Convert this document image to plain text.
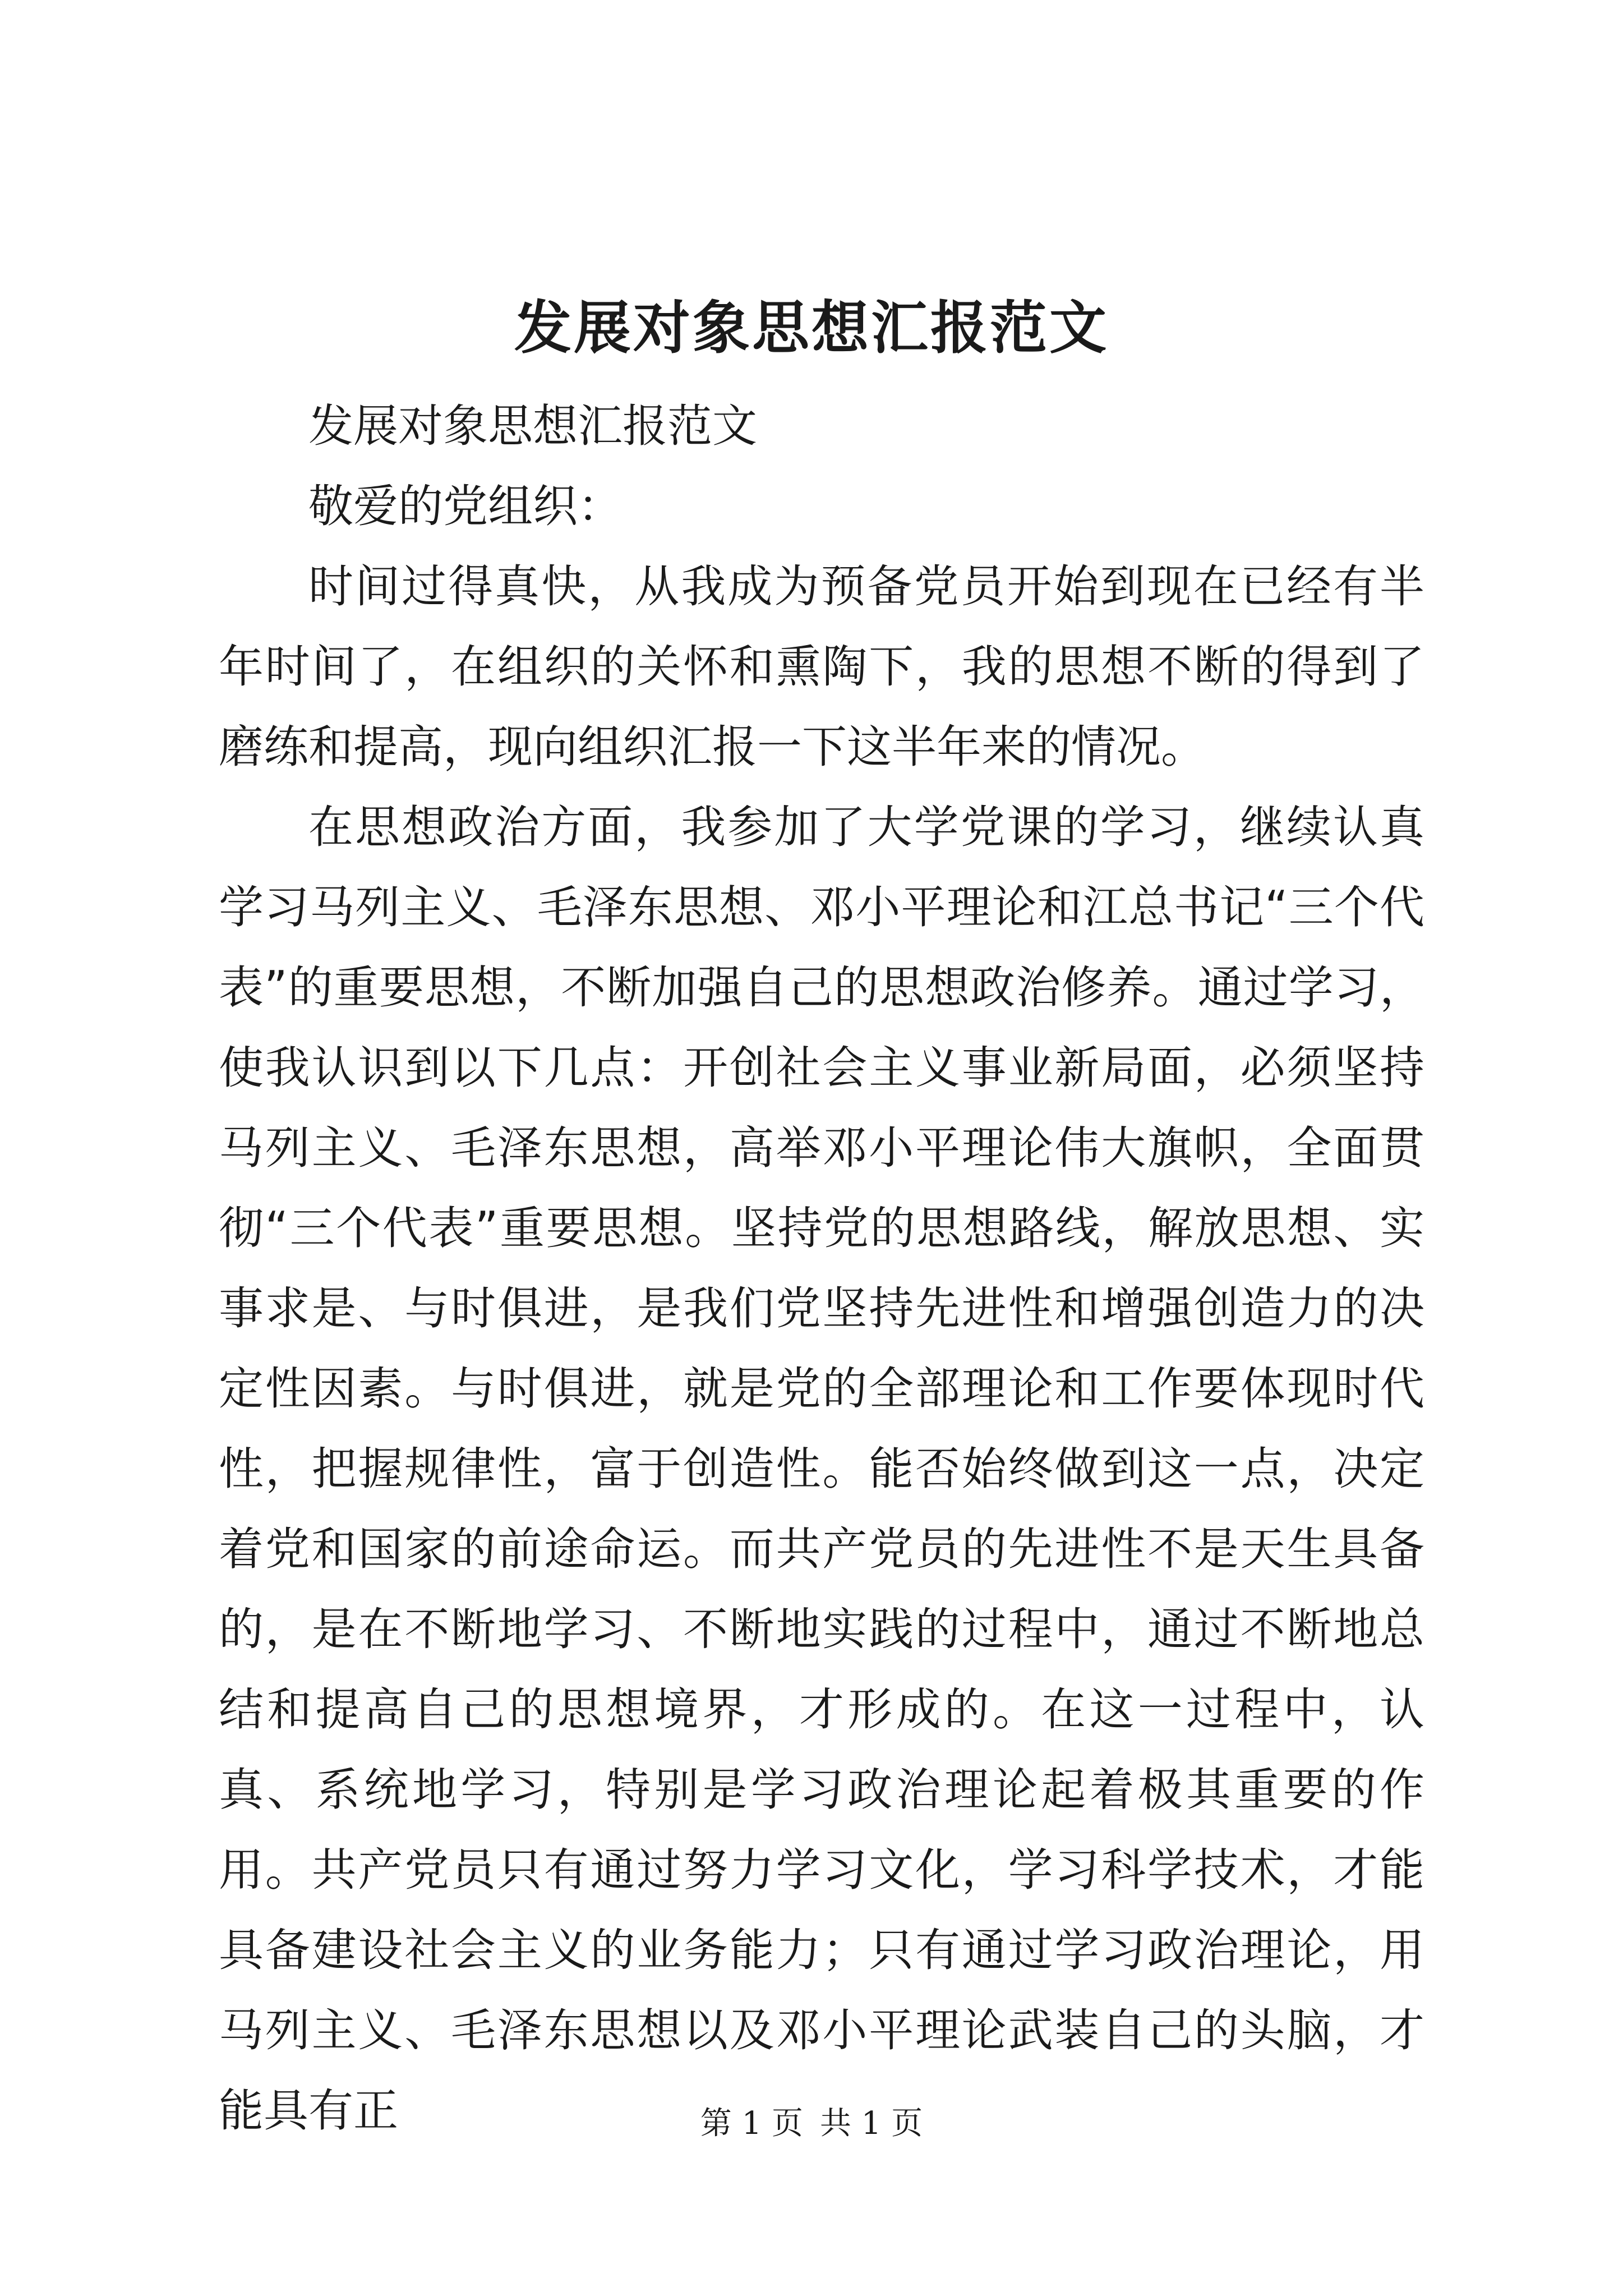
发展对象思想汇报范文

发展对象思想汇报范文

敬爱的党组织：

时间过得真快，从我成为预备党员开始到现在已经有半年时间了，在组织的关怀和熏陶下，我的思想不断的得到了磨练和提高，现向组织汇报一下这半年来的情况。

在思想政治方面，我参加了大学党课的学习，继续认真学习马列主义、毛泽东思想、邓小平理论和江总书记“三个代表”的重要思想，不断加强自己的思想政治修养。通过学习，使我认识到以下几点：开创社会主义事业新局面，必须坚持马列主义、毛泽东思想，高举邓小平理论伟大旗帜，全面贯彻“三个代表”重要思想。坚持党的思想路线，解放思想、实事求是、与时俱进，是我们党坚持先进性和增强创造力的决定性因素。与时俱进，就是党的全部理论和工作要体现时代性，把握规律性，富于创造性。能否始终做到这一点，决定着党和国家的前途命运。而共产党员的先进性不是天生具备的，是在不断地学习、不断地实践的过程中，通过不断地总结和提高自己的思想境界，才形成的。在这一过程中，认真、系统地学习，特别是学习政治理论起着极其重要的作用。共产党员只有通过努力学习文化，学习科学技术，才能具备建设社会主义的业务能力；只有通过学习政治理论，用马列主义、毛泽东思想以及邓小平理论武装自己的头脑，才能具有正	第 1 页 共 1 页
